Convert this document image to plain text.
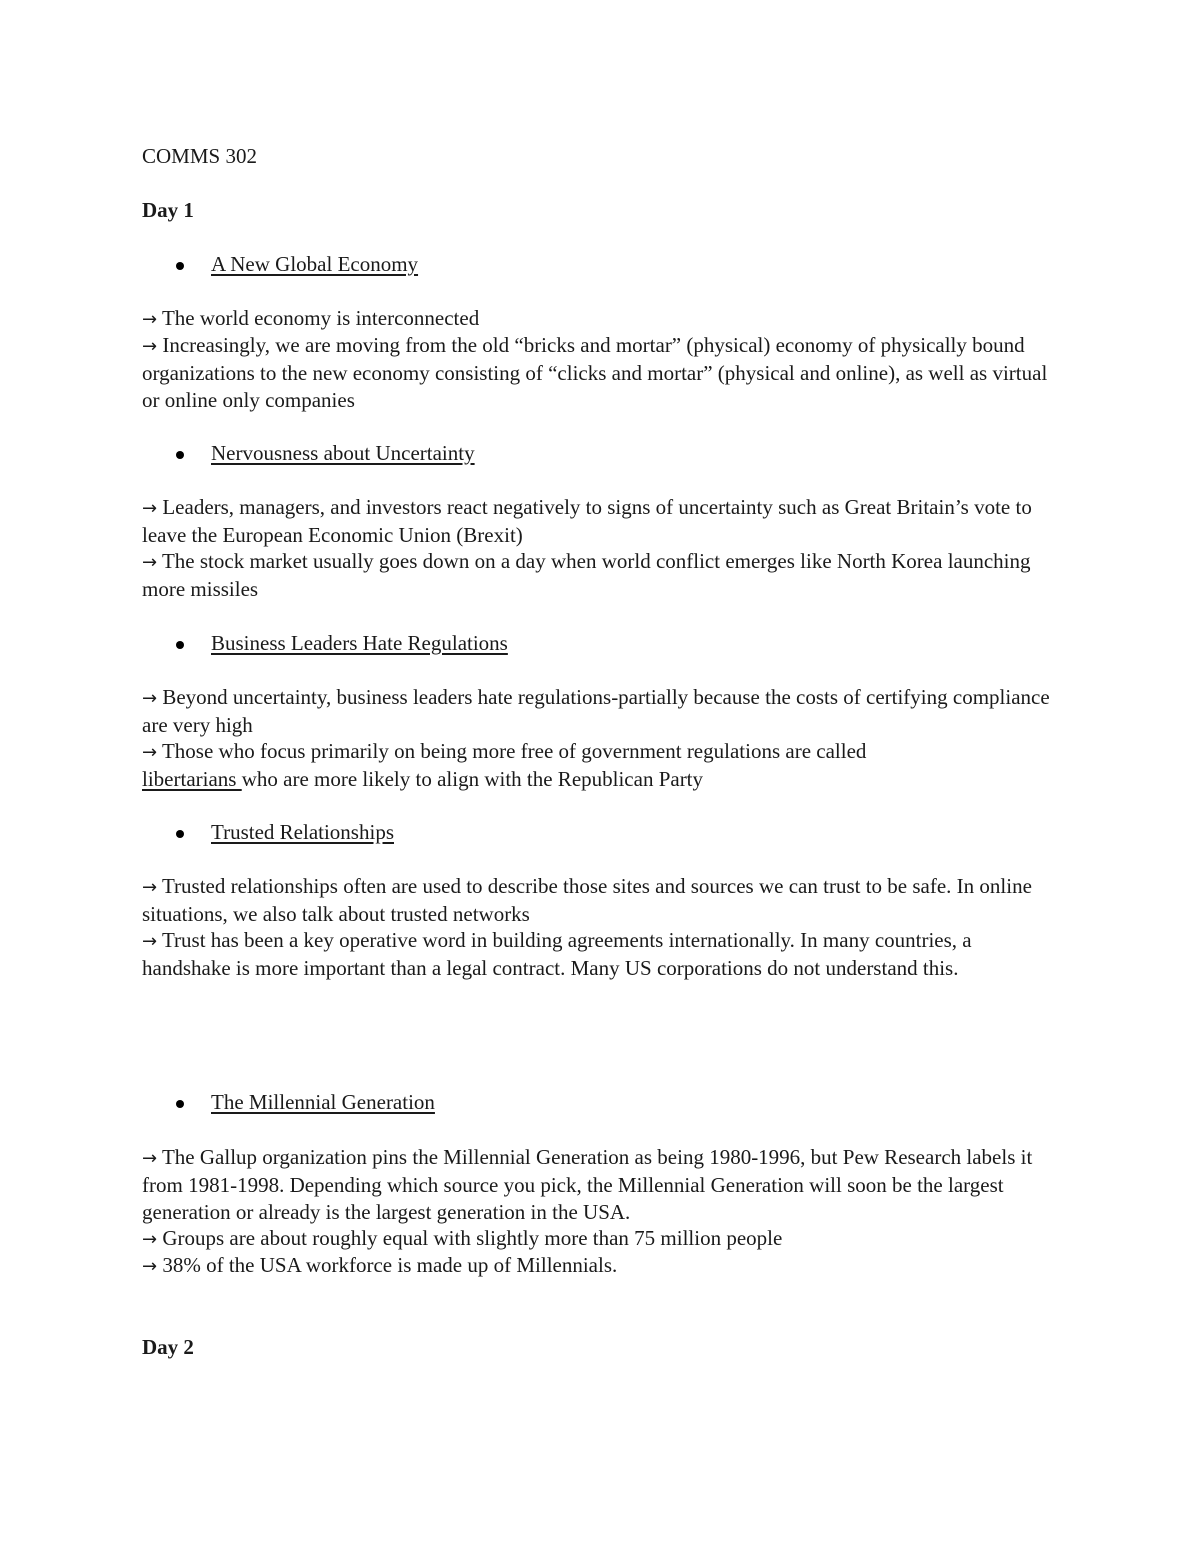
COMMS 302
Day 1
A New Global Economy
→ The world economy is interconnected
→ Increasingly, we are moving from the old “bricks and mortar” (physical) economy of physically bound organizations to the new economy consisting of “clicks and mortar” (physical and online), as well as virtual or online only companies
Nervousness about Uncertainty
→ Leaders, managers, and investors react negatively to signs of uncertainty such as Great Britain’s vote to leave the European Economic Union (Brexit)
→ The stock market usually goes down on a day when world conflict emerges like North Korea launching more missiles
Business Leaders Hate Regulations
→ Beyond uncertainty, business leaders hate regulations-partially because the costs of certifying compliance are very high
→ Those who focus primarily on being more free of government regulations are called
libertarians who are more likely to align with the Republican Party
Trusted Relationships
→ Trusted relationships often are used to describe those sites and sources we can trust to be safe. In online situations, we also talk about trusted networks
→ Trust has been a key operative word in building agreements internationally. In many countries, a handshake is more important than a legal contract. Many US corporations do not understand this.
The Millennial Generation
→ The Gallup organization pins the Millennial Generation as being 1980-1996, but Pew Research labels it from 1981-1998. Depending which source you pick, the Millennial Generation will soon be the largest generation or already is the largest generation in the USA.
→ Groups are about roughly equal with slightly more than 75 million people
→ 38% of the USA workforce is made up of Millennials.
Day 2
